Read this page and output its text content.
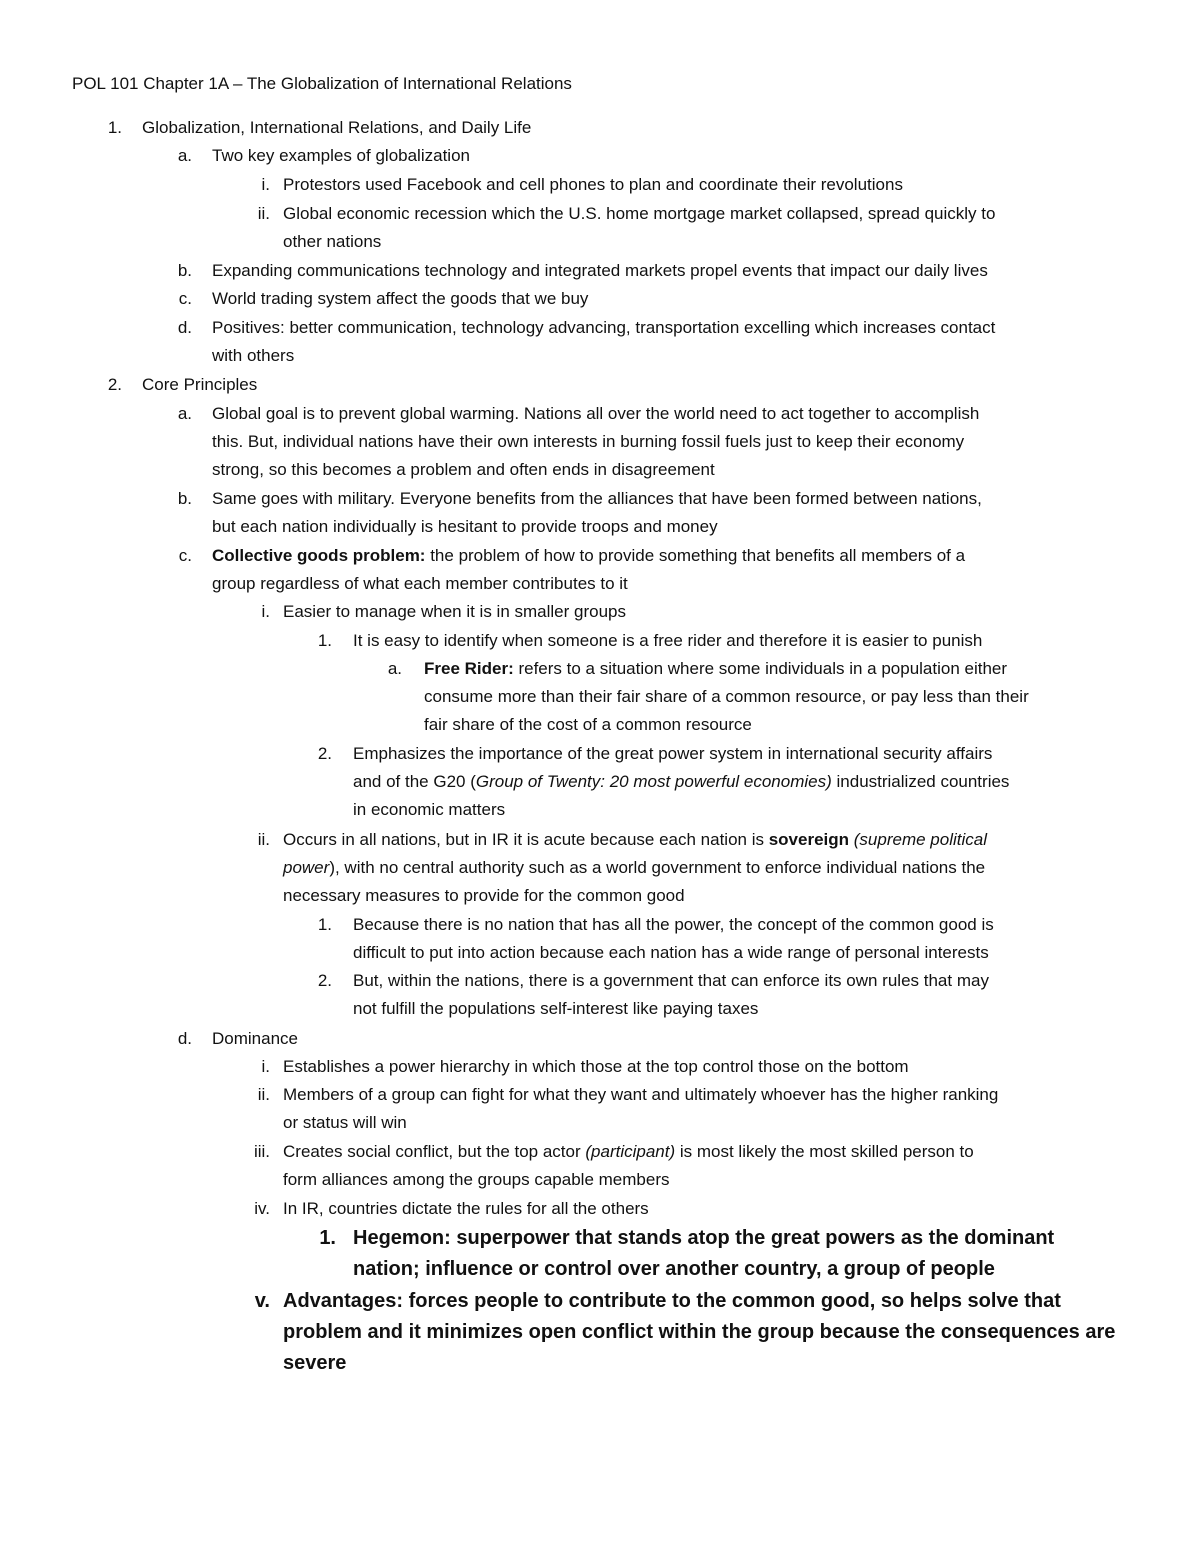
POL 101 Chapter 1A – The Globalization of International Relations
1. Globalization, International Relations, and Daily Life
a. Two key examples of globalization
i. Protestors used Facebook and cell phones to plan and coordinate their revolutions
ii. Global economic recession which the U.S. home mortgage market collapsed, spread quickly to
other nations
b. Expanding communications technology and integrated markets propel events that impact our daily lives
c. World trading system affect the goods that we buy
d. Positives: better communication, technology advancing, transportation excelling which increases contact
with others
2. Core Principles
a. Global goal is to prevent global warming. Nations all over the world need to act together to accomplish
this. But, individual nations have their own interests in burning fossil fuels just to keep their economy
strong, so this becomes a problem and often ends in disagreement
b. Same goes with military. Everyone benefits from the alliances that have been formed between nations,
but each nation individually is hesitant to provide troops and money
c. Collective goods problem: the problem of how to provide something that benefits all members of a
group regardless of what each member contributes to it
i. Easier to manage when it is in smaller groups
1. It is easy to identify when someone is a free rider and therefore it is easier to punish
a. Free Rider: refers to a situation where some individuals in a population either
consume more than their fair share of a common resource, or pay less than their
fair share of the cost of a common resource
2. Emphasizes the importance of the great power system in international security affairs
and of the G20 (Group of Twenty: 20 most powerful economies) industrialized countries
in economic matters
ii. Occurs in all nations, but in IR it is acute because each nation is sovereign (supreme political
power), with no central authority such as a world government to enforce individual nations the
necessary measures to provide for the common good
1. Because there is no nation that has all the power, the concept of the common good is
difficult to put into action because each nation has a wide range of personal interests
2. But, within the nations, there is a government that can enforce its own rules that may
not fulfill the populations self-interest like paying taxes
d. Dominance
i. Establishes a power hierarchy in which those at the top control those on the bottom
ii. Members of a group can fight for what they want and ultimately whoever has the higher ranking
or status will win
iii. Creates social conflict, but the top actor (participant) is most likely the most skilled person to
form alliances among the groups capable members
iv. In IR, countries dictate the rules for all the others
1. Hegemon: superpower that stands atop the great powers as the dominant
nation; influence or control over another country, a group of people
v. Advantages: forces people to contribute to the common good, so helps solve that
problem and it minimizes open conflict within the group because the consequences are
severe
